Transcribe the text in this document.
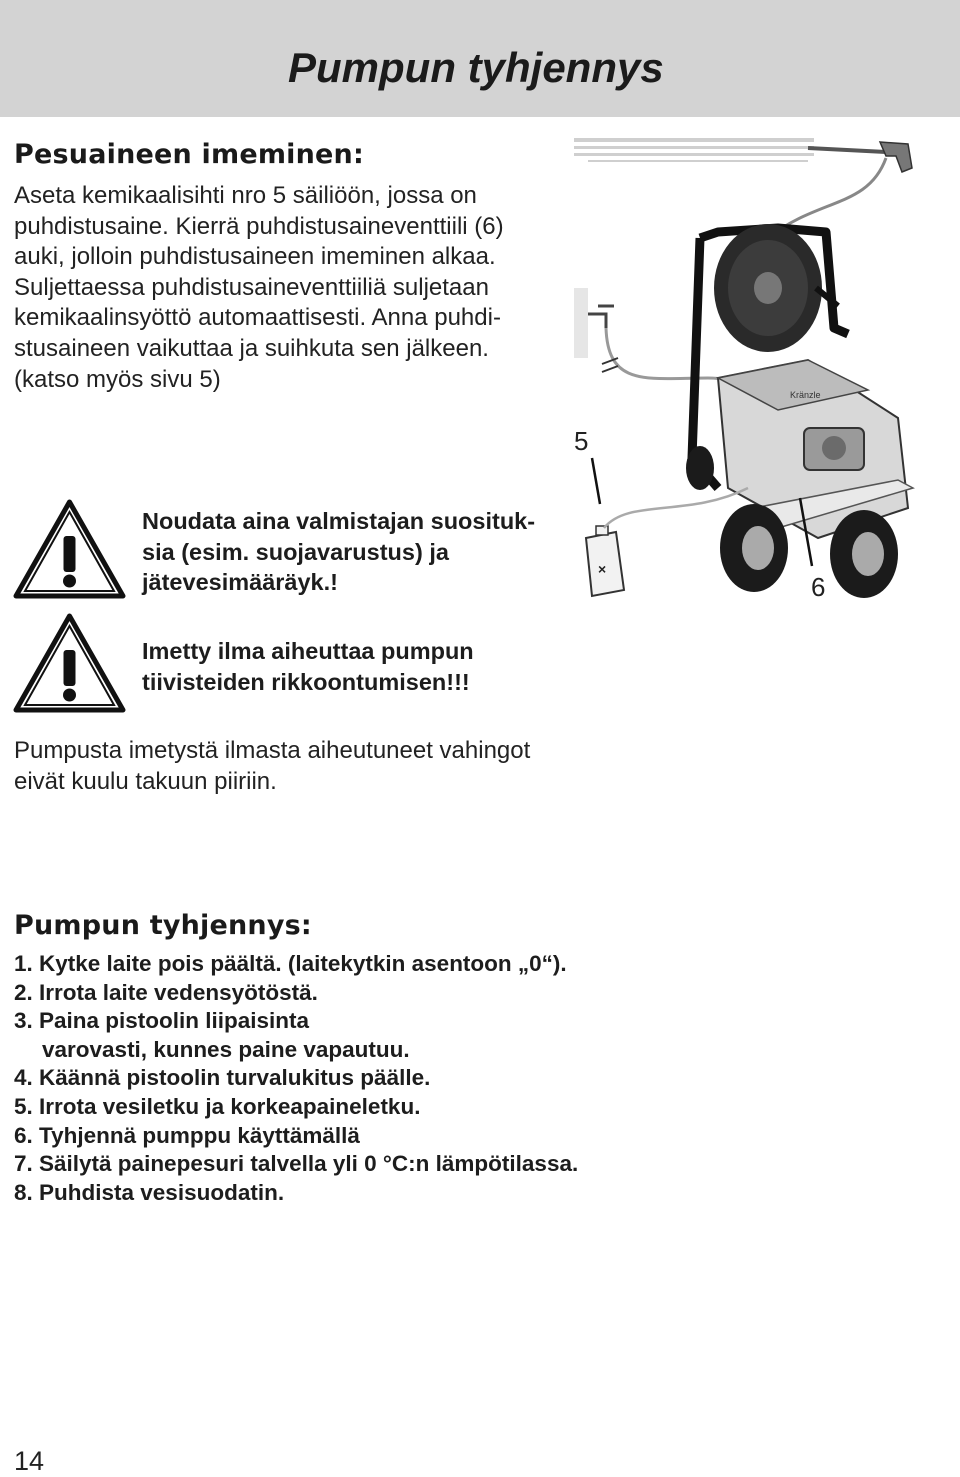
Pumpun tyhjennys
Pesuaineen imeminen:
Aseta kemikaalisihti nro 5 säiliöön, jossa on
puhdistusaine. Kierrä puhdistusaineventtiili (6)
auki, jolloin puhdistusaineen imeminen alkaa.
Suljettaessa puhdistusaineventtiiliä suljetaan
kemikaalinsyöttö automaattisesti. Anna puhdi-
stusaineen vaikuttaa ja suihkuta sen jälkeen.
(katso myös sivu 5)
Noudata aina valmistajan suosituk-
sia (esim. suojavarustus) ja
jätevesimääräyk.!
Imetty ilma aiheuttaa pumpun
tiivisteiden rikkoontumisen!!!
Pumpusta imetystä ilmasta aiheutuneet vahingot
eivät kuulu takuun piiriin.
Kränzle
×
5
6
Pumpun tyhjennys:
1. Kytke laite pois päältä. (laitekytkin asentoon „0“).
2. Irrota laite vedensyötöstä.
3. Paina pistoolin liipaisinta
varovasti, kunnes paine vapautuu.
4. Käännä pistoolin turvalukitus päälle.
5. Irrota vesiletku ja korkeapaineletku.
6. Tyhjennä pumppu käyttämällä
7. Säilytä painepesuri talvella yli 0 °C:n lämpötilassa.
8. Puhdista vesisuodatin.
14
